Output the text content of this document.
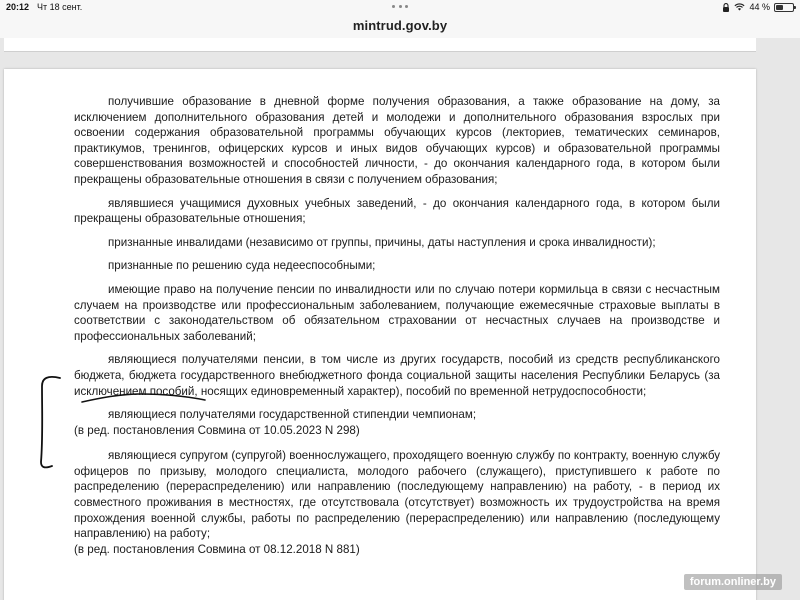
20:12 Чт 18 сент.	44 %
mintrud.gov.by

получившие образование в дневной форме получения образования, а также образование на дому, за исключением дополнительного образования детей и молодежи и дополнительного образования взрослых при освоении содержания образовательной программы обучающих курсов (лекториев, тематических семинаров, практикумов, тренингов, офицерских курсов и иных видов обучающих курсов) и образовательной программы совершенствования возможностей и способностей личности, - до окончания календарного года, в котором были прекращены образовательные отношения в связи с получением образования;

являвшиеся учащимися духовных учебных заведений, - до окончания календарного года, в котором были прекращены образовательные отношения;

признанные инвалидами (независимо от группы, причины, даты наступления и срока инвалидности);

признанные по решению суда недееспособными;

имеющие право на получение пенсии по инвалидности или по случаю потери кормильца в связи с несчастным случаем на производстве или профессиональным заболеванием, получающие ежемесячные страховые выплаты в соответствии с законодательством об обязательном страховании от несчастных случаев на производстве и профессиональных заболеваний;

являющиеся получателями пенсии, в том числе из других государств, пособий из средств республиканского бюджета, бюджета государственного внебюджетного фонда социальной защиты населения Республики Беларусь (за исключением пособий, носящих единовременный характер), пособий по временной нетрудоспособности;

являющиеся получателями государственной стипендии чемпионам;

(в ред. постановления Совмина от 10.05.2023 N 298)

являющиеся супругом (супругой) военнослужащего, проходящего военную службу по контракту, военную службу офицеров по призыву, молодого специалиста, молодого рабочего (служащего), приступившего к работе по распределению (перераспределению) или направлению (последующему направлению) на работу, - в период их совместного проживания в местностях, где отсутствовала (отсутствует) возможность их трудоустройства на время прохождения военной службы, работы по распределению (перераспределению) или направлению (последующему направлению) на работу;

(в ред. постановления Совмина от 08.12.2018 N 881)

forum.onliner.by
